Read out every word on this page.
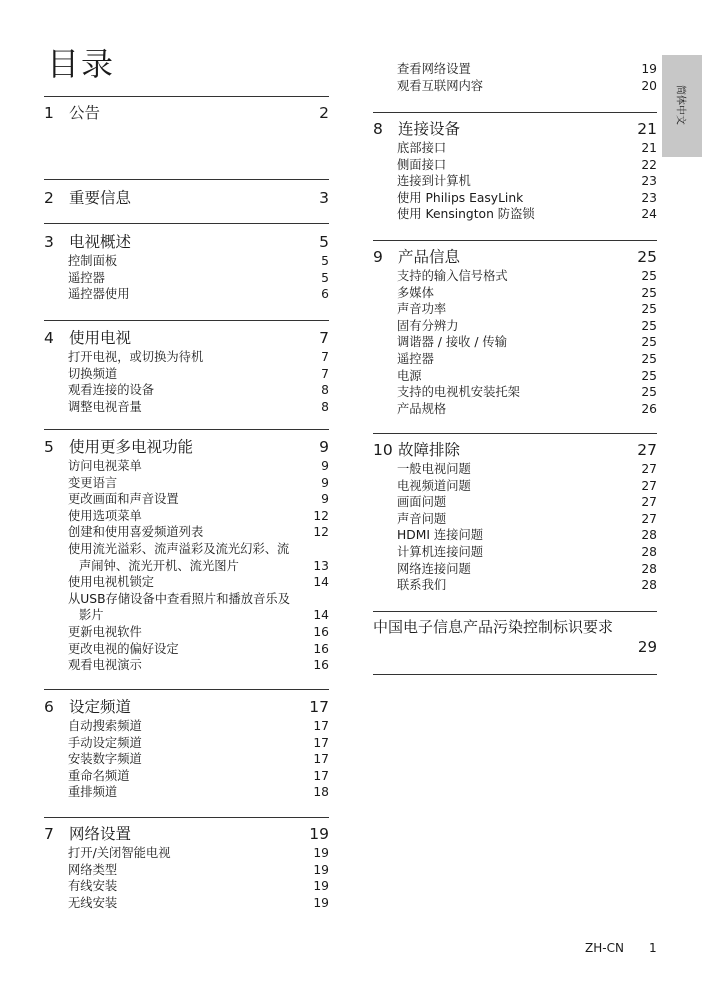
目录
简体中文
1 公告	2
2 重要信息	3
3 电视概述	5
控制面板	5
遥控器	5
遥控器使用	6
4 使用电视	7
打开电视，或切换为待机	7
切换频道	7
观看连接的设备	8
调整电视音量	8
5 使用更多电视功能	9
访问电视菜单	9
变更语言	9
更改画面和声音设置	9
使用选项菜单	12
创建和使用喜爱频道列表	12
使用流光溢彩、流声溢彩及流光幻彩、流
声闹钟、流光开机、流光图片	13
使用电视机锁定	14
从USB存储设备中查看照片和播放音乐及
影片	14
更新电视软件	16
更改电视的偏好设定	16
观看电视演示	16
6 设定频道	17
自动搜索频道	17
手动设定频道	17
安装数字频道	17
重命名频道	17
重排频道	18
7 网络设置	19
打开/关闭智能电视	19
网络类型	19
有线安装	19
无线安装	19
查看网络设置	19
观看互联网内容	20
8 连接设备	21
底部接口	21
侧面接口	22
连接到计算机	23
使用 Philips EasyLink	23
使用 Kensington 防盗锁	24
9 产品信息	25
支持的输入信号格式	25
多媒体	25
声音功率	25
固有分辨力	25
调谐器 / 接收 / 传输	25
遥控器	25
电源	25
支持的电视机安装托架	25
产品规格	26
10 故障排除	27
一般电视问题	27
电视频道问题	27
画面问题	27
声音问题	27
HDMI 连接问题	28
计算机连接问题	28
网络连接问题	28
联系我们	28
中国电子信息产品污染控制标识要求
29
ZH-CN 1
